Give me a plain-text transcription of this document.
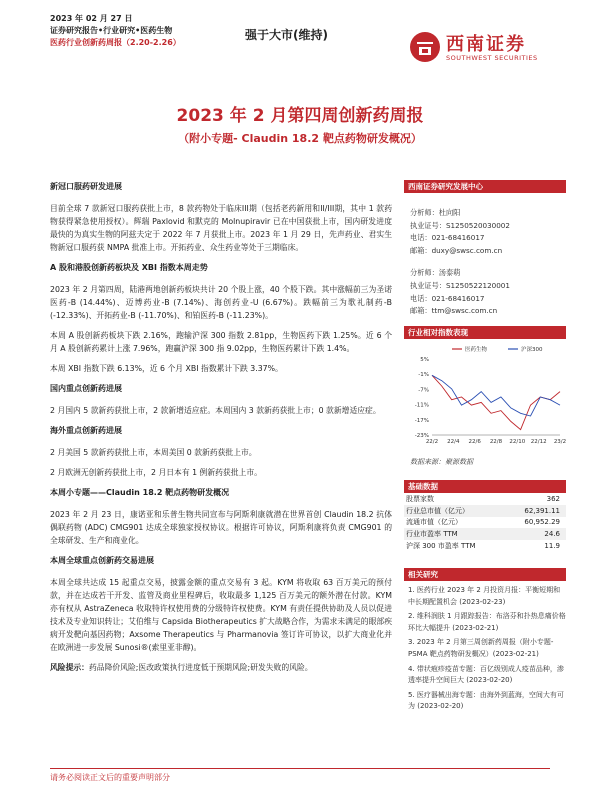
2023 年 02 月 27 日
证券研究报告•行业研究•医药生物
医药行业创新药周报（2.20-2.26）
强于大市(维持)	西南证券
SOUTHWEST SECURITIES
2023 年 2 月第四周创新药周报
（附小专题- Claudin 18.2 靶点药物研发概况）
新冠口服药研发进展

目前全球 7 款新冠口服药获批上市，8 款药物处于临床III期（包括老药新用和II/III期，其中 1 款药物获得紧急使用授权）。辉瑞 Paxlovid 和默克的 Molnupiravir 已在中国获批上市，国内研发进度最快的为真实生物的阿兹夫定于 2022 年 7 月获批上市。2023 年 1 月 29 日，先声药业、君实生物新冠口服药获 NMPA 批准上市。开拓药业、众生药业等处于三期临床。

A 股和港股创新药板块及 XBI 指数本周走势

2023 年 2 月第四周，陆港两地创新药板块共计 20 个股上涨，40 个股下跌。其中涨幅前三为圣诺医药-B (14.44%)、迈博药业-B (7.14%)、海创药业-U (6.67%)。跌幅前三为歌礼制药-B (-12.33%)、开拓药业-B (-11.70%)、和铂医药-B (-11.23%)。

本周 A 股创新药板块下跌 2.16%，跑输沪深 300 指数 2.81pp，生物医药下跌 1.25%。近 6 个月 A 股创新药累计上涨 7.96%，跑赢沪深 300 指 9.02pp，生物医药累计下跌 1.4%。

本周 XBI 指数下跌 6.13%，近 6 个月 XBI 指数累计下跌 3.37%。

国内重点创新药进展

2 月国内 5 款新药获批上市，2 款新增适应症。本周国内 3 款新药获批上市；0 款新增适应症。

海外重点创新药进展

2 月美国 5 款新药获批上市，本周美国 0 款新药获批上市。

2 月欧洲无创新药获批上市，2 月日本有 1 例新药获批上市。

本周小专题——Claudin 18.2 靶点药物研发概况

2023 年 2 月 23 日，康诺亚和乐普生物共同宣布与阿斯利康就潜在世界首创 Claudin 18.2 抗体偶联药物 (ADC) CMG901 达成全球独家授权协议。根据许可协议，阿斯利康将负责 CMG901 的全球研发、生产和商业化。

本周全球重点创新药交易进展

本周全球共达成 15 起重点交易，披露金额的重点交易有 3 起。KYM 将收取 63 百万美元的预付款，并在达成若干开发、监管及商业里程碑后，收取最多 1,125 百万美元的额外潜在付款。KYM 亦有权从 AstraZeneca 收取特许权使用费的分级特许权使费。KYM 有责任提供协助及人员以促进技术及专业知识转让；艾伯维与 Capsida Biotherapeutics 扩大战略合作，为需求未满足的眼部疾病开发靶向基因药物；Axsome Therapeutics 与 Pharmanovia 签订许可协议，以扩大商业化并在欧洲进一步发展 Sunosi®(索里亚非醇)。

风险提示：药品降价风险;医改政策执行进度低于预期风险;研发失败的风险。

西南证券研究发展中心
分析师：杜向阳
执业证号：S1250520030002
电话：021-68416017
邮箱：duxy@swsc.com.cn
分析师：汤泰萌
执业证号：S1250522120001
电话：021-68416017
邮箱：ttm@swsc.com.cn
行业相对指数表现
5%
-1%
-7%
-11%
-17%
-23%
22/2 22/4 22/6 22/8 22/10 22/12 23/2
医药生物	沪深300
数据来源：聚源数据
基础数据
股票家数	362
行业总市值（亿元）	62,391.11
流通市值（亿元）	60,952.29
行业市盈率 TTM	24.6
沪深 300 市盈率 TTM	11.9
相关研究
1. 医药行业 2023 年 2 月投资月报：平衡短期和中长期配置机会 (2023-02-23)
2. 维科润肤 1 月跟踪报告：布洛芬和扑热息痛价格环比大幅提升 (2023-02-21)
3. 2023 年 2 月第三周创新药周报（附小专题-PSMA 靶点药物研发概况）(2023-02-21)
4. 带状疱疹疫苗专题：百亿级别成人疫苗品种，渗透率提升空间巨大 (2023-02-20)
5. 医疗器械出海专题：由海外到蓝海，空间大有可为 (2023-02-20)
请务必阅读正文后的重要声明部分
